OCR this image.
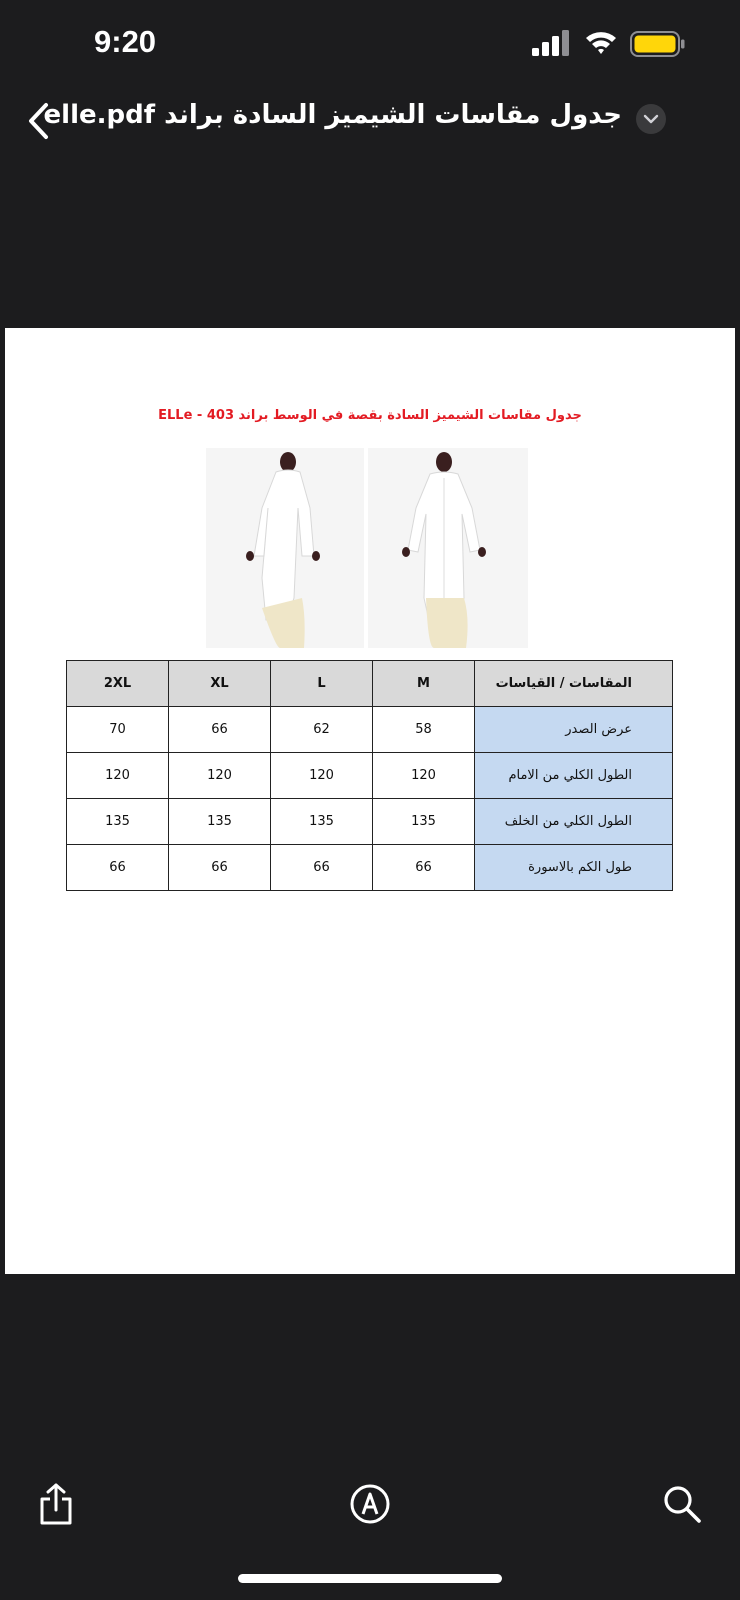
9:20
جدول مقاسات الشيميز السادة براند elle.pdf
جدول مقاسات الشيميز السادة بقصة في الوسط براند ELLe - 403
2XL	XL	L	M	المقاسات / القياسات
70	66	62	58	عرض الصدر
120	120	120	120	الطول الكلي من الامام
135	135	135	135	الطول الكلي من الخلف
66	66	66	66	طول الكم بالاسورة
